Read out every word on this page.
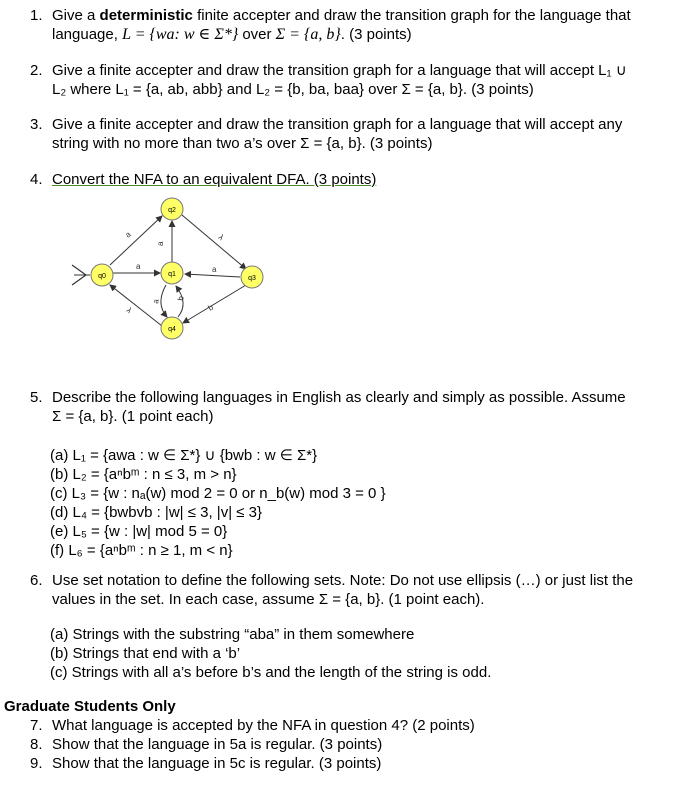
1. Give a deterministic finite accepter and draw the transition graph for the language that
language, L = {wa: w ∈ Σ*} over Σ = {a, b}. (3 points)
2. Give a finite accepter and draw the transition graph for a language that will accept L₁ ∪
L₂ where L₁ = {a, ab, abb} and L₂ = {b, ba, baa} over Σ = {a, b}. (3 points)
3. Give a finite accepter and draw the transition graph for a language that will accept any
string with no more than two a’s over Σ = {a, b}. (3 points)
4. Convert the NFA to an equivalent DFA. (3 points)
a
a
a
a
a
b
b
λ
λ
q0	q1
q2
q3
q4
5. Describe the following languages in English as clearly and simply as possible. Assume
Σ = {a, b}. (1 point each)
(a) L₁ = {awa : w ∈ Σ*} ∪ {bwb : w ∈ Σ*}
(b) L₂ = {aⁿbᵐ : n ≤ 3, m > n}
(c) L₃ = {w : nₐ(w) mod 2 = 0 or n_b(w) mod 3 = 0 }
(d) L₄ = {bwbvb : |w| ≤ 3, |v| ≤ 3}
(e) L₅ = {w : |w| mod 5 = 0}
(f) L₆ = {aⁿbᵐ : n ≥ 1, m < n}
6. Use set notation to define the following sets. Note: Do not use ellipsis (…) or just list the
values in the set. In each case, assume Σ = {a, b}. (1 point each).
(a) Strings with the substring “aba” in them somewhere
(b) Strings that end with a ‘b’
(c) Strings with all a’s before b’s and the length of the string is odd.
Graduate Students Only
7. What language is accepted by the NFA in question 4? (2 points)
8. Show that the language in 5a is regular. (3 points)
9. Show that the language in 5c is regular. (3 points)
